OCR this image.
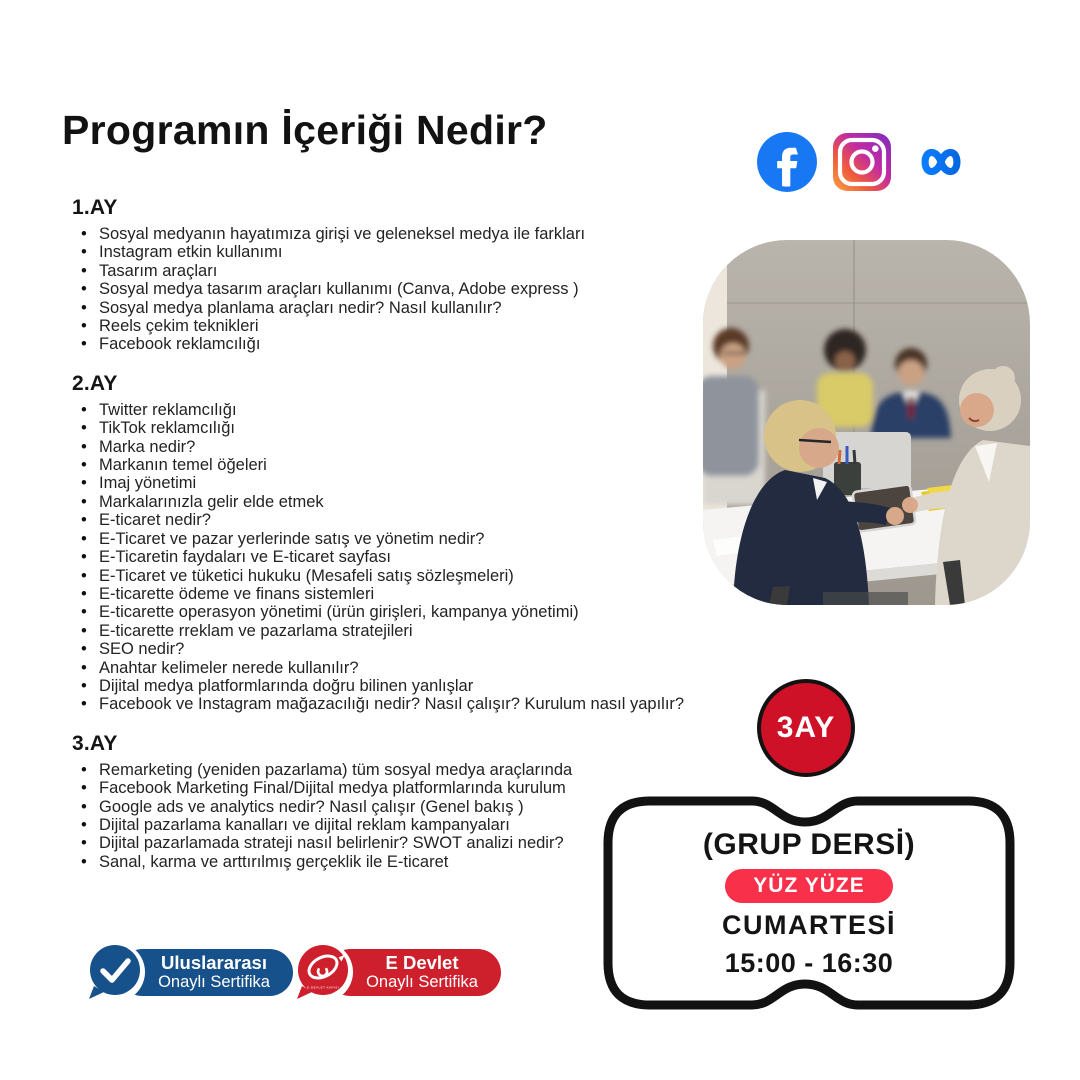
Programın İçeriği Nedir?
1.AY
• Sosyal medyanın hayatımıza girişi ve geleneksel medya ile farkları
• Instagram etkin kullanımı
• Tasarım araçları
• Sosyal medya tasarım araçları kullanımı (Canva, Adobe express )
• Sosyal medya planlama araçları nedir? Nasıl kullanılır?
• Reels çekim teknikleri
• Facebook reklamcılığı
2.AY
• Twitter reklamcılığı
• TikTok reklamcılığı
• Marka nedir?
• Markanın temel öğeleri
• Imaj yönetimi
• Markalarınızla gelir elde etmek
• E-ticaret nedir?
• E-Ticaret ve pazar yerlerinde satış ve yönetim nedir?
• E-Ticaretin faydaları ve E-ticaret sayfası
• E-Ticaret ve tüketici hukuku (Mesafeli satış sözleşmeleri)
• E-ticarette ödeme ve finans sistemleri
• E-ticarette operasyon yönetimi (ürün girişleri, kampanya yönetimi)
• E-ticarette rreklam ve pazarlama stratejileri
• SEO nedir?
• Anahtar kelimeler nerede kullanılır?
• Dijital medya platformlarında doğru bilinen yanlışlar
• Facebook ve Instagram mağazacılığı nedir? Nasıl çalışır? Kurulum nasıl yapılır?
3.AY
• Remarketing (yeniden pazarlama) tüm sosyal medya araçlarında
• Facebook Marketing Final/Dijital medya platformlarında kurulum
• Google ads ve analytics nedir? Nasıl çalışır (Genel bakış )
• Dijital pazarlama kanalları ve dijital reklam kampanyaları
• Dijital pazarlamada strateji nasıl belirlenir? SWOT analizi nedir?
• Sanal, karma ve arttırılmış gerçeklik ile E-ticaret
3AY
(GRUP DERSİ)
YÜZ YÜZE
CUMARTESİ
15:00 - 16:30
Uluslararası
Onaylı Sertifika	E-DEVLET KAPISI
E Devlet
Onaylı Sertifika
